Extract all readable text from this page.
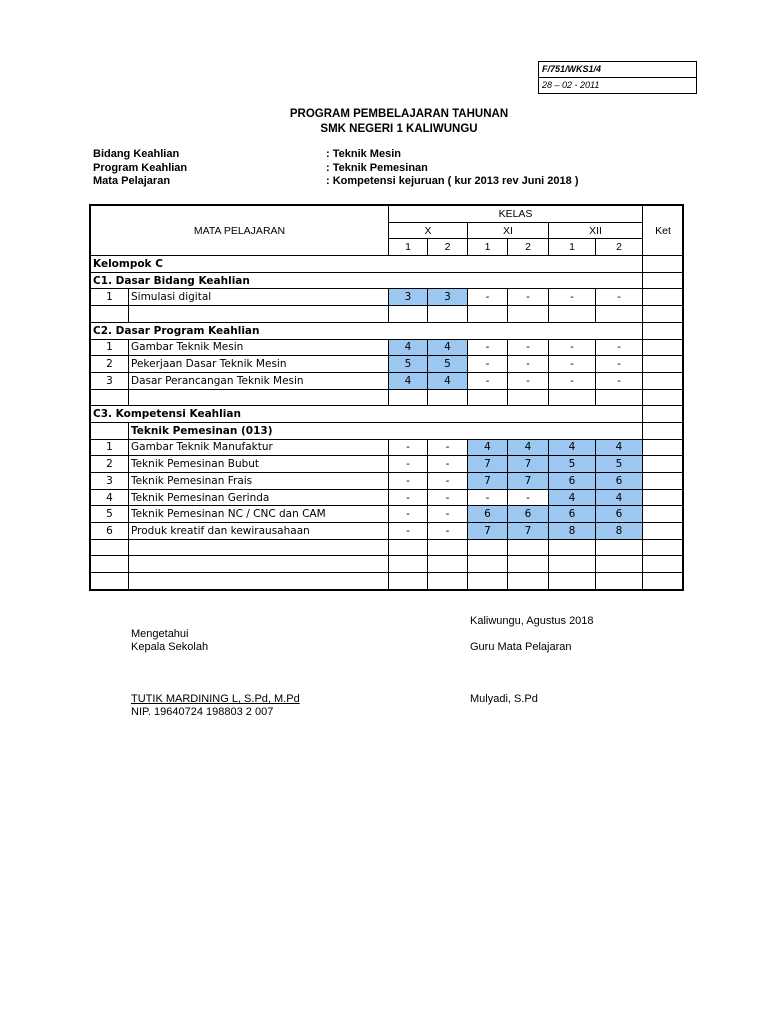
F/751/WKS1/4
28 – 02 - 2011
PROGRAM PEMBELAJARAN TAHUNAN
SMK NEGERI 1 KALIWUNGU
Bidang Keahlian	: Teknik Mesin
Program Keahlian	: Teknik Pemesinan
Mata Pelajaran	: Kompetensi kejuruan ( kur 2013 rev Juni 2018 )
MATA PELAJARAN		KELAS						Ket
		X		XI		XII		
		1	2	1	2	1	2	
Kelompok C								
C1. Dasar Bidang Keahlian								
1	Simulasi digital	3	3	-	-	-	-	

C2. Dasar Program Keahlian								
1	Gambar Teknik Mesin	4	4	-	-	-	-	
2	Pekerjaan Dasar Teknik Mesin	5	5	-	-	-	-	
3	Dasar Perancangan Teknik Mesin	4	4	-	-	-	-	

C3. Kompetensi Keahlian								
	Teknik Pemesinan (013)							
1	Gambar Teknik Manufaktur	-	-	4	4	4	4	
2	Teknik Pemesinan Bubut	-	-	7	7	5	5	
3	Teknik Pemesinan Frais	-	-	7	7	6	6	
4	Teknik Pemesinan Gerinda	-	-	-	-	4	4	
5	Teknik Pemesinan NC / CNC dan CAM	-	-	6	6	6	6	
6	Produk kreatif dan kewirausahaan	-	-	7	7	8	8	

Kaliwungu, Agustus 2018
Mengetahui
Kepala Sekolah	Guru Mata Pelajaran
TUTIK MARDINING L, S.Pd, M.Pd
NIP. 19640724 198803 2 007
Mulyadi, S.Pd
